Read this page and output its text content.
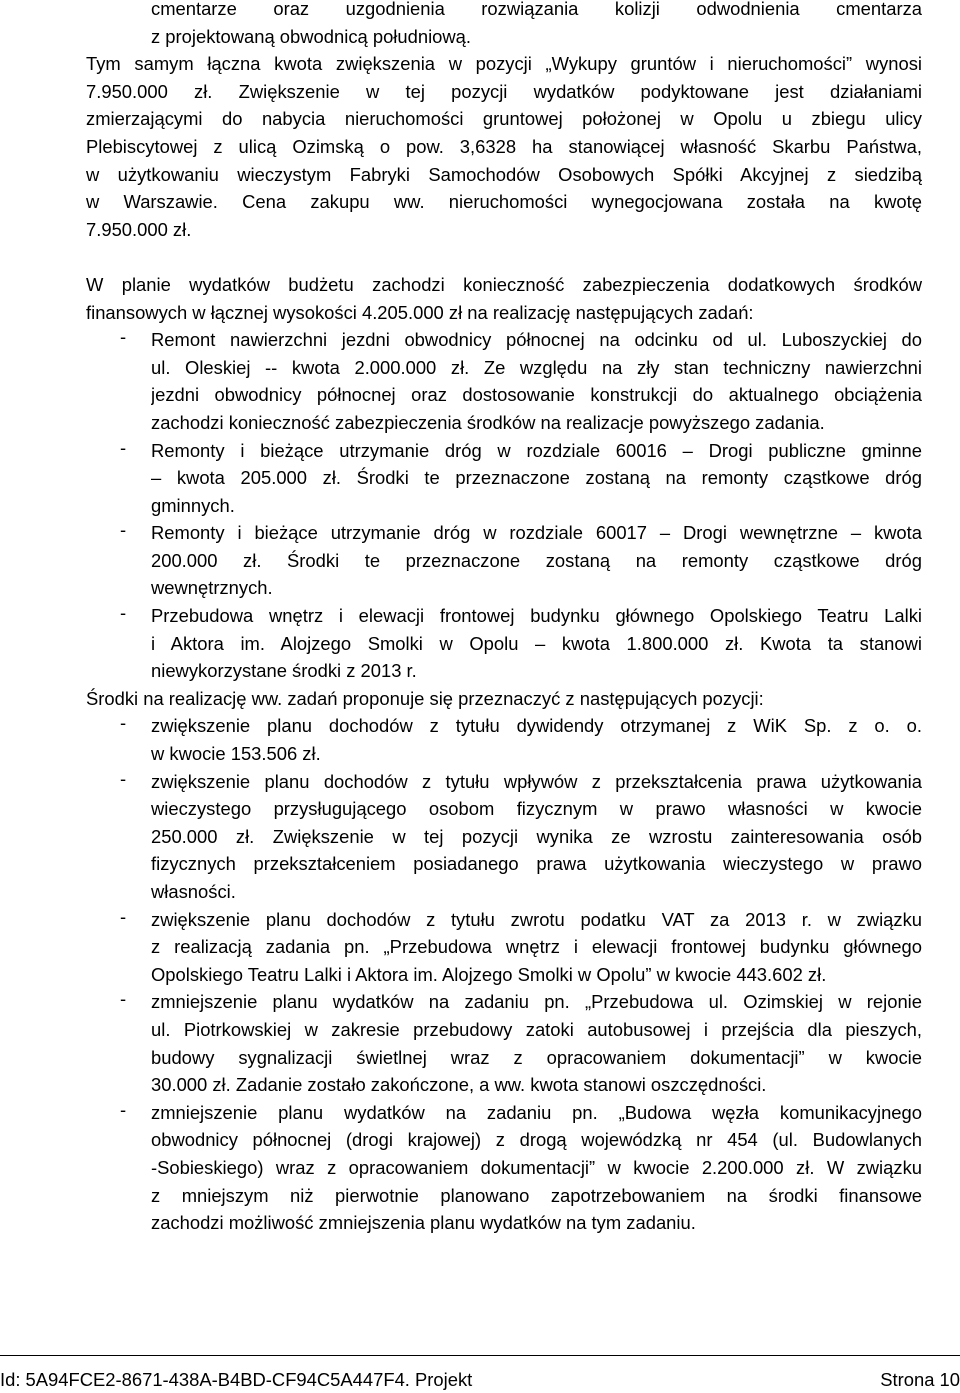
cmentarze oraz uzgodnienia rozwiązania kolizji odwodnienia cmentarza
z projektowaną obwodnicą południową.
Tym samym łączna kwota zwiększenia w pozycji „Wykupy gruntów i nieruchomości” wynosi
7.950.000 zł. Zwiększenie w tej pozycji wydatków podyktowane jest działaniami
zmierzającymi do nabycia nieruchomości gruntowej położonej w Opolu u zbiegu ulicy
Plebiscytowej z ulicą Ozimską o pow. 3,6328 ha stanowiącej własność Skarbu Państwa,
w użytkowaniu wieczystym Fabryki Samochodów Osobowych Spółki Akcyjnej z siedzibą
w Warszawie. Cena zakupu ww. nieruchomości wynegocjowana została na kwotę
7.950.000 zł.
W planie wydatków budżetu zachodzi konieczność zabezpieczenia dodatkowych środków
finansowych w łącznej wysokości 4.205.000 zł na realizację następujących zadań:
- Remont nawierzchni jezdni obwodnicy północnej na odcinku od ul. Luboszyckiej do
ul. Oleskiej -- kwota 2.000.000 zł. Ze względu na zły stan techniczny nawierzchni
jezdni obwodnicy północnej oraz dostosowanie konstrukcji do aktualnego obciążenia
zachodzi konieczność zabezpieczenia środków na realizacje powyższego zadania.
- Remonty i bieżące utrzymanie dróg w rozdziale 60016 – Drogi publiczne gminne
– kwota 205.000 zł. Środki te przeznaczone zostaną na remonty cząstkowe dróg
gminnych.
- Remonty i bieżące utrzymanie dróg w rozdziale 60017 – Drogi wewnętrzne – kwota
200.000 zł. Środki te przeznaczone zostaną na remonty cząstkowe dróg
wewnętrznych.
- Przebudowa wnętrz i elewacji frontowej budynku głównego Opolskiego Teatru Lalki
i Aktora im. Alojzego Smolki w Opolu – kwota 1.800.000 zł. Kwota ta stanowi
niewykorzystane środki z 2013 r.
Środki na realizację ww. zadań proponuje się przeznaczyć z następujących pozycji:
- zwiększenie planu dochodów z tytułu dywidendy otrzymanej z WiK Sp. z o. o.
w kwocie 153.506 zł.
- zwiększenie planu dochodów z tytułu wpływów z przekształcenia prawa użytkowania
wieczystego przysługującego osobom fizycznym w prawo własności w kwocie
250.000 zł. Zwiększenie w tej pozycji wynika ze wzrostu zainteresowania osób
fizycznych przekształceniem posiadanego prawa użytkowania wieczystego w prawo
własności.
- zwiększenie planu dochodów z tytułu zwrotu podatku VAT za 2013 r. w związku
z realizacją zadania pn. „Przebudowa wnętrz i elewacji frontowej budynku głównego
Opolskiego Teatru Lalki i Aktora im. Alojzego Smolki w Opolu” w kwocie 443.602 zł.
- zmniejszenie planu wydatków na zadaniu pn. „Przebudowa ul. Ozimskiej w rejonie
ul. Piotrkowskiej w zakresie przebudowy zatoki autobusowej i przejścia dla pieszych,
budowy sygnalizacji świetlnej wraz z opracowaniem dokumentacji” w kwocie
30.000 zł. Zadanie zostało zakończone, a ww. kwota stanowi oszczędności.
- zmniejszenie planu wydatków na zadaniu pn. „Budowa węzła komunikacyjnego
obwodnicy północnej (drogi krajowej) z drogą wojewódzką nr 454 (ul. Budowlanych
-Sobieskiego) wraz z opracowaniem dokumentacji” w kwocie 2.200.000 zł. W związku
z mniejszym niż pierwotnie planowano zapotrzebowaniem na środki finansowe
zachodzi możliwość zmniejszenia planu wydatków na tym zadaniu.
Id: 5A94FCE2-8671-438A-B4BD-CF94C5A447F4. Projekt	Strona 10
